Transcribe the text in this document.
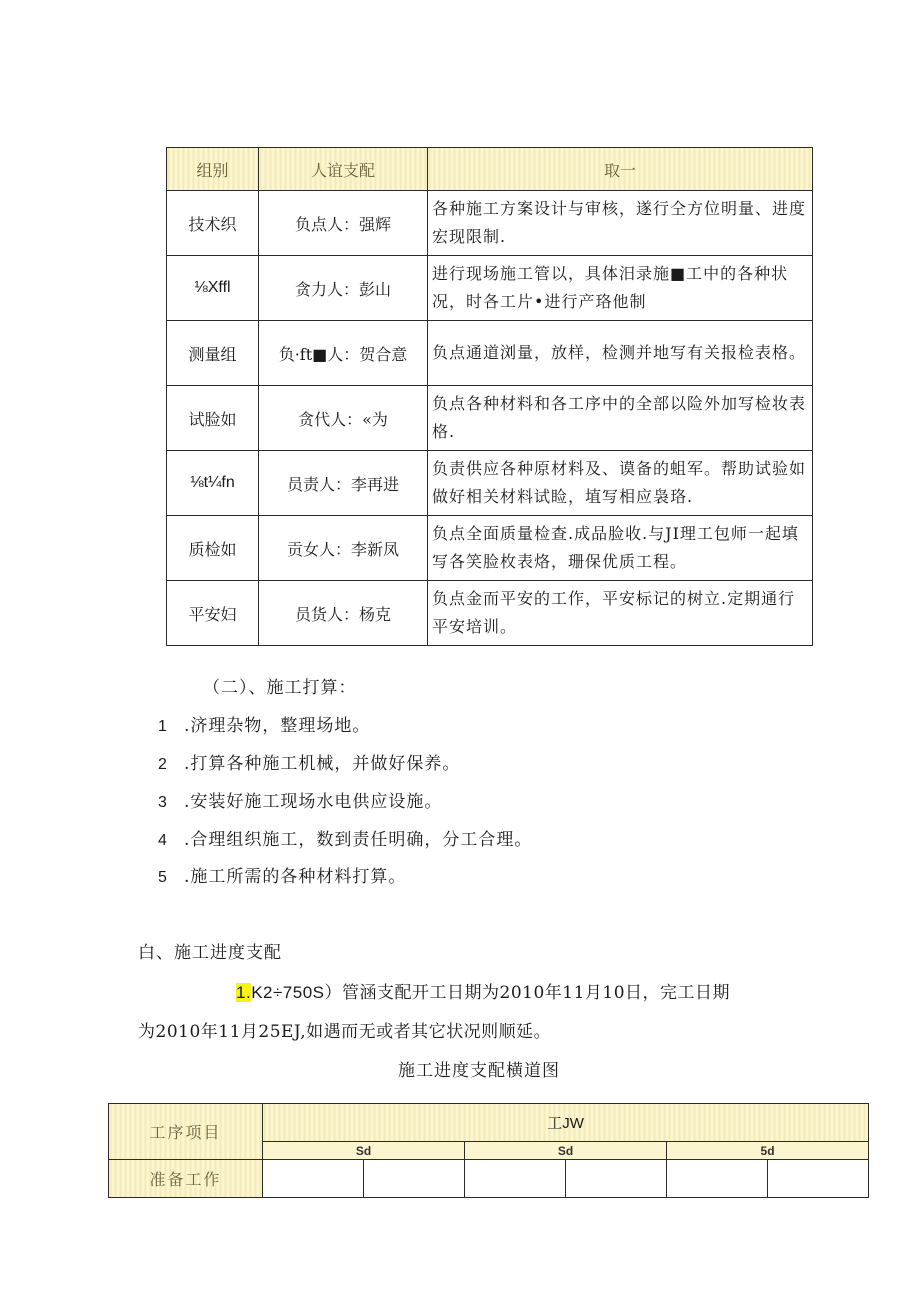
组别	人谊支配	取一
技术织	负点人：强辉	各种施工方案设计与审核，遂行仝方位明量、进度宏现限制.
⅛Xffl	贪力人：彭山	进行现场施工管以，具体汨录施■工中的各种状况，时各工片•进行产珞他制
测量组	负·ft■人：贺合意	负点通道浏量，放样，检测并地写有关报检表格。
试脸如	贪代人：«为	负点各种材料和各工序中的全部以险外加写检妆表格.
⅛t¼fn	员责人：李再进	负责供应各种原材料及、谟备的蛆军。帮助试验如做好相关材料试睑，埴写相应袅珞.
质检如	贡女人：李新凤	负点全面质量检查.成品脸收.与JI理工包师一起填写各笑脸枚表烙，珊保优质工程。
平安妇	员货人：杨克	负点金而平安的工作，平安标记的树立.定期通行平安培训。
（二）、施工打算：
1 .济理杂物，整理场地。
2 .打算各种施工机械，并做好保养。
3 .安装好施工现场水电供应设施。
4 .合理组织施工，数到责任明确，分工合理。
5 .施工所需的各种材料打算。
白、施工进度支配
1.K2÷750S）管涵支配开工日期为2010年11月10日，完工日期
为2010年11月25EJ,如遇而无或者其它状况则顺延。
施工进度支配横道图
工序项目	工JW					
	Sd		Sd		5d	
准备工作						
